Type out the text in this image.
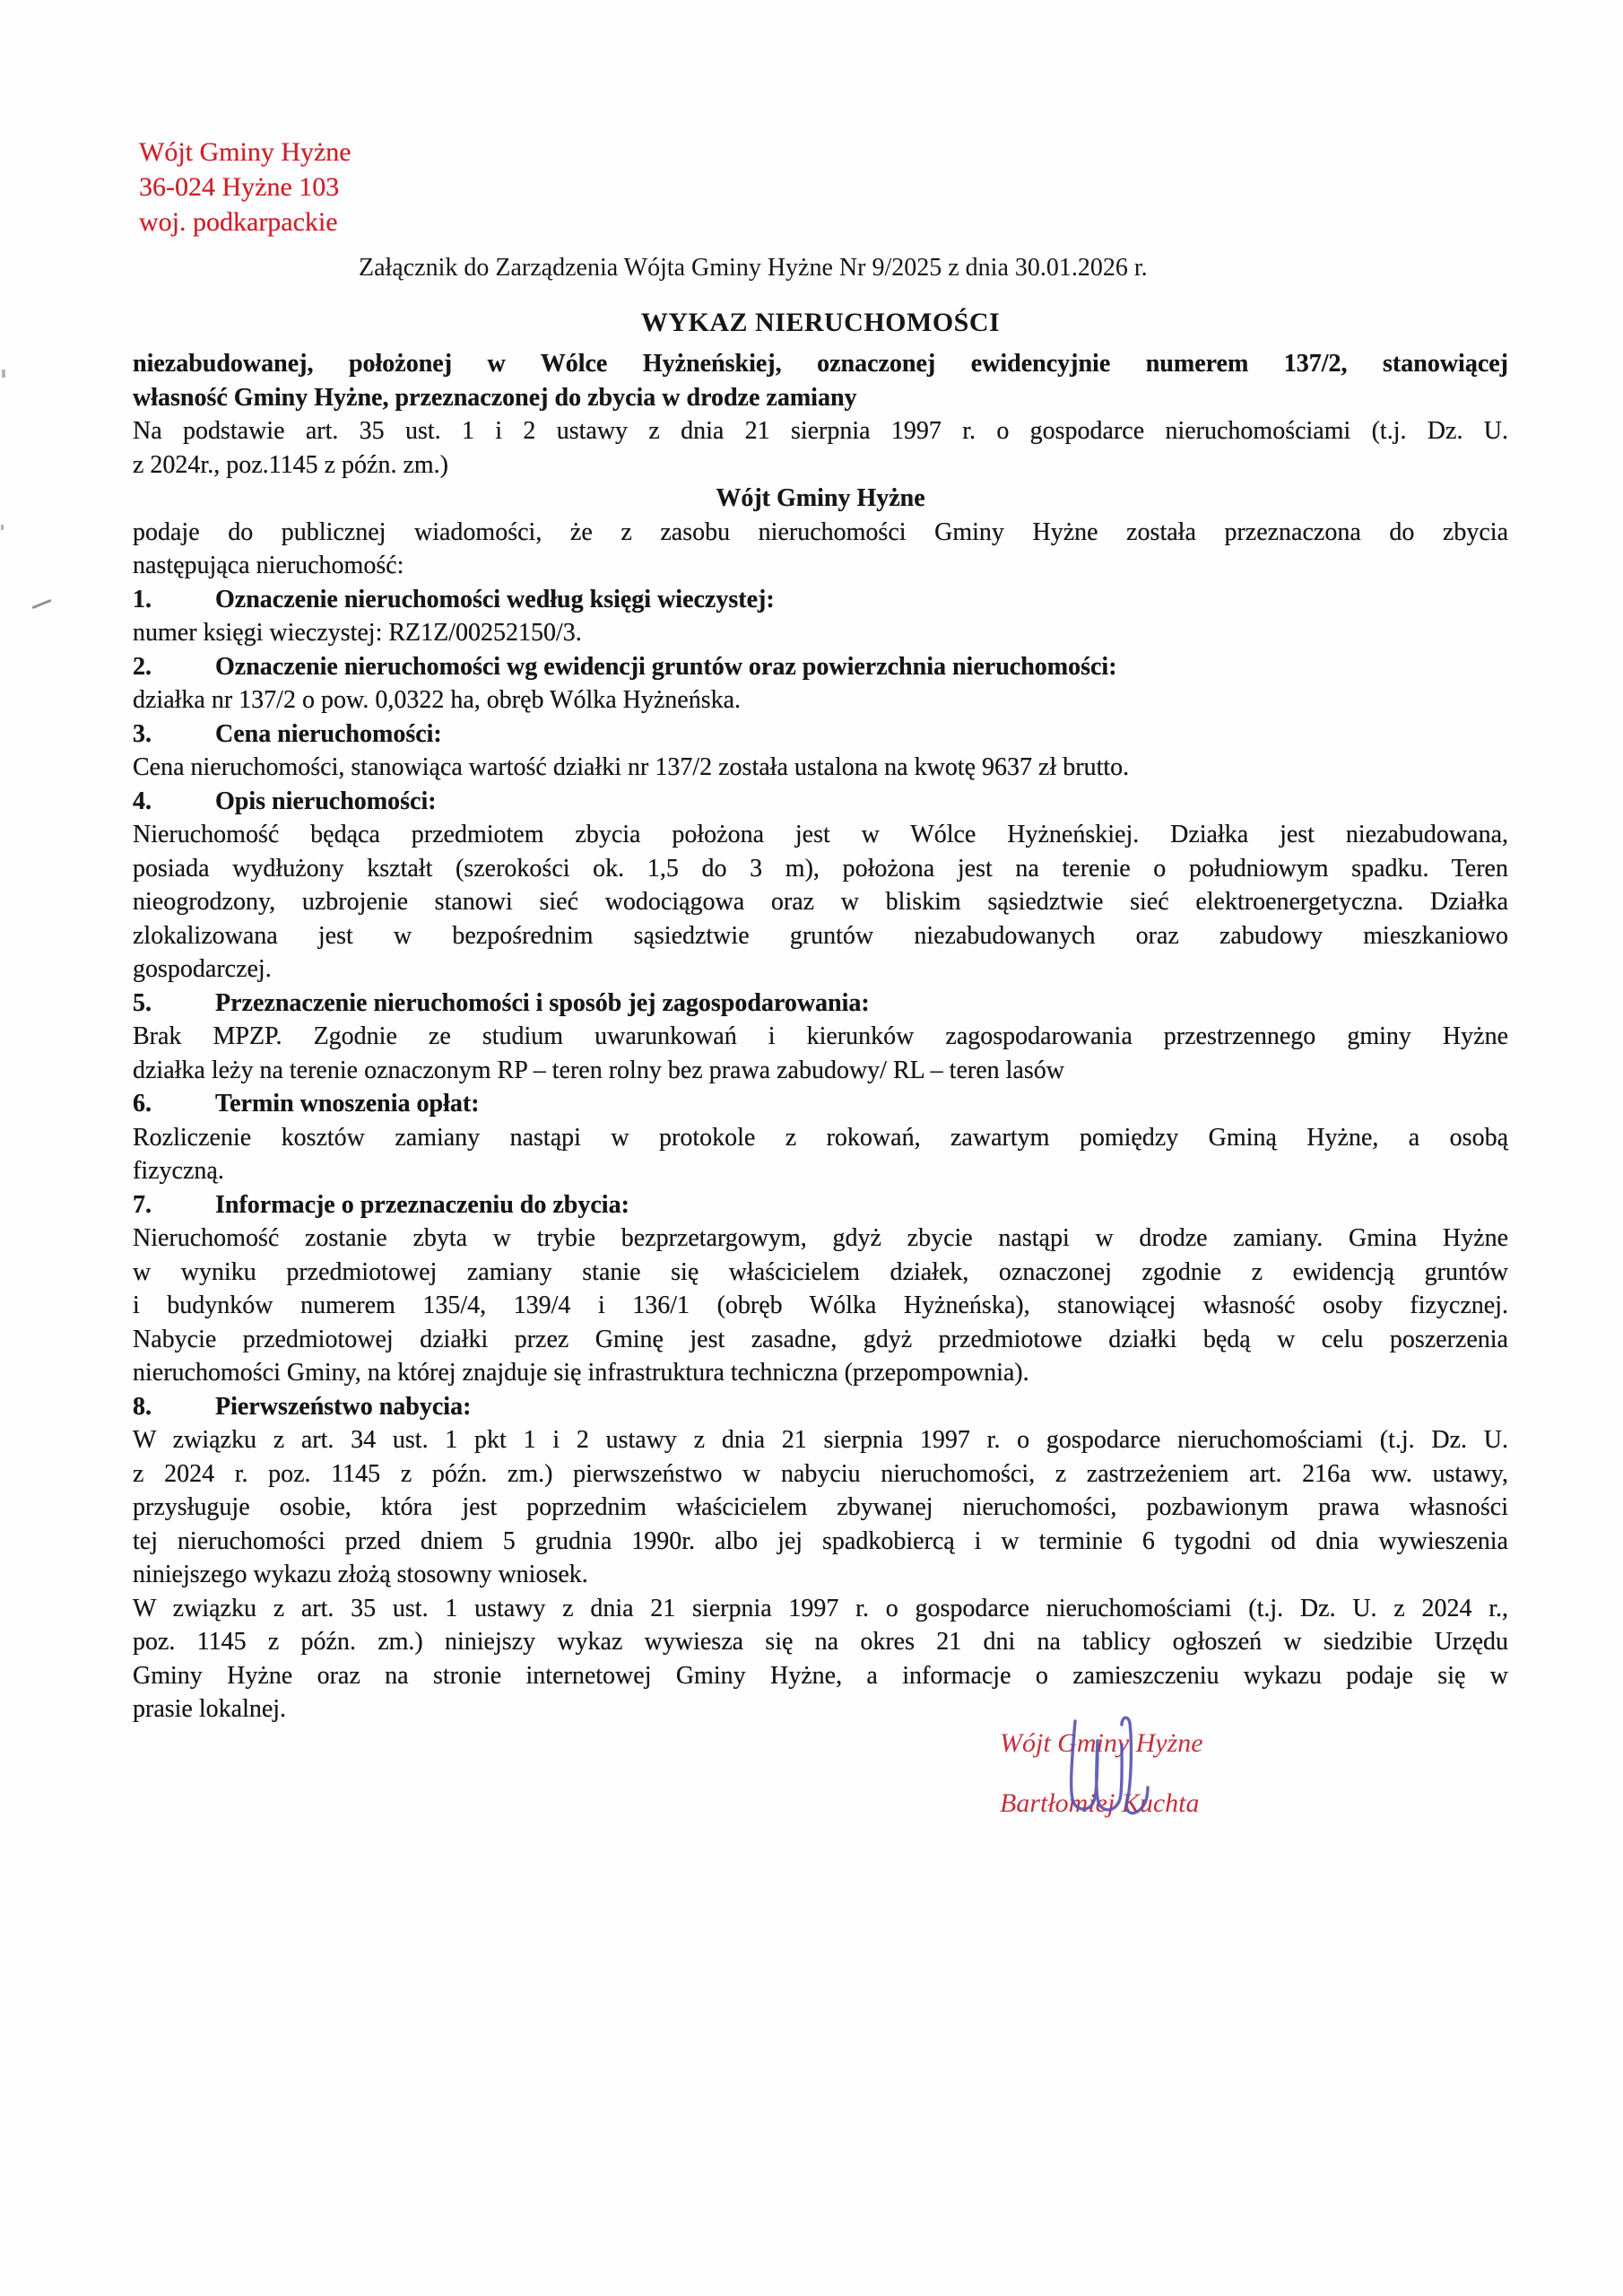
Wójt Gminy Hyżne
36-024 Hyżne 103
woj. podkarpackie
Załącznik do Zarządzenia Wójta Gminy Hyżne Nr 9/2025 z dnia 30.01.2026 r.
WYKAZ NIERUCHOMOŚCI
niezabudowanej, położonej w Wólce Hyżneńskiej, oznaczonej ewidencyjnie numerem 137/2, stanowiącej
własność Gminy Hyżne, przeznaczonej do zbycia w drodze zamiany
Na podstawie art. 35 ust. 1 i 2 ustawy z dnia 21 sierpnia 1997 r. o gospodarce nieruchomościami (t.j. Dz. U.
z 2024r., poz.1145 z późn. zm.)
Wójt Gminy Hyżne
podaje do publicznej wiadomości, że z zasobu nieruchomości Gminy Hyżne została przeznaczona do zbycia
następująca nieruchomość:
1.	Oznaczenie nieruchomości według księgi wieczystej:
numer księgi wieczystej: RZ1Z/00252150/3.
2.	Oznaczenie nieruchomości wg ewidencji gruntów oraz powierzchnia nieruchomości:
działka nr 137/2 o pow. 0,0322 ha, obręb Wólka Hyżneńska.
3.	Cena nieruchomości:
Cena nieruchomości, stanowiąca wartość działki nr 137/2 została ustalona na kwotę 9637 zł brutto.
4.	Opis nieruchomości:
Nieruchomość będąca przedmiotem zbycia położona jest w Wólce Hyżneńskiej. Działka jest niezabudowana,
posiada wydłużony kształt (szerokości ok. 1,5 do 3 m), położona jest na terenie o południowym spadku. Teren
nieogrodzony, uzbrojenie stanowi sieć wodociągowa oraz w bliskim sąsiedztwie sieć elektroenergetyczna. Działka
zlokalizowana jest w bezpośrednim sąsiedztwie gruntów niezabudowanych oraz zabudowy mieszkaniowo
gospodarczej.
5.	Przeznaczenie nieruchomości i sposób jej zagospodarowania:
Brak MPZP. Zgodnie ze studium uwarunkowań i kierunków zagospodarowania przestrzennego gminy Hyżne
działka leży na terenie oznaczonym RP – teren rolny bez prawa zabudowy/ RL – teren lasów
6.	Termin wnoszenia opłat:
Rozliczenie kosztów zamiany nastąpi w protokole z rokowań, zawartym pomiędzy Gminą Hyżne, a osobą
fizyczną.
7.	Informacje o przeznaczeniu do zbycia:
Nieruchomość zostanie zbyta w trybie bezprzetargowym, gdyż zbycie nastąpi w drodze zamiany. Gmina Hyżne
w wyniku przedmiotowej zamiany stanie się właścicielem działek, oznaczonej zgodnie z ewidencją gruntów
i budynków numerem 135/4, 139/4 i 136/1 (obręb Wólka Hyżneńska), stanowiącej własność osoby fizycznej.
Nabycie przedmiotowej działki przez Gminę jest zasadne, gdyż przedmiotowe działki będą w celu poszerzenia
nieruchomości Gminy, na której znajduje się infrastruktura techniczna (przepompownia).
8.	Pierwszeństwo nabycia:
W związku z art. 34 ust. 1 pkt 1 i 2 ustawy z dnia 21 sierpnia 1997 r. o gospodarce nieruchomościami (t.j. Dz. U.
z 2024 r. poz. 1145 z późn. zm.) pierwszeństwo w nabyciu nieruchomości, z zastrzeżeniem art. 216a ww. ustawy,
przysługuje osobie, która jest poprzednim właścicielem zbywanej nieruchomości, pozbawionym prawa własności
tej nieruchomości przed dniem 5 grudnia 1990r. albo jej spadkobiercą i w terminie 6 tygodni od dnia wywieszenia
niniejszego wykazu złożą stosowny wniosek.
W związku z art. 35 ust. 1 ustawy z dnia 21 sierpnia 1997 r. o gospodarce nieruchomościami (t.j. Dz. U. z 2024 r.,
poz. 1145 z późn. zm.) niniejszy wykaz wywiesza się na okres 21 dni na tablicy ogłoszeń w siedzibie Urzędu
Gminy Hyżne oraz na stronie internetowej Gminy Hyżne, a informacje o zamieszczeniu wykazu podaje się w
prasie lokalnej.
Wójt Gminy Hyżne
Bartłomiej Kuchta
